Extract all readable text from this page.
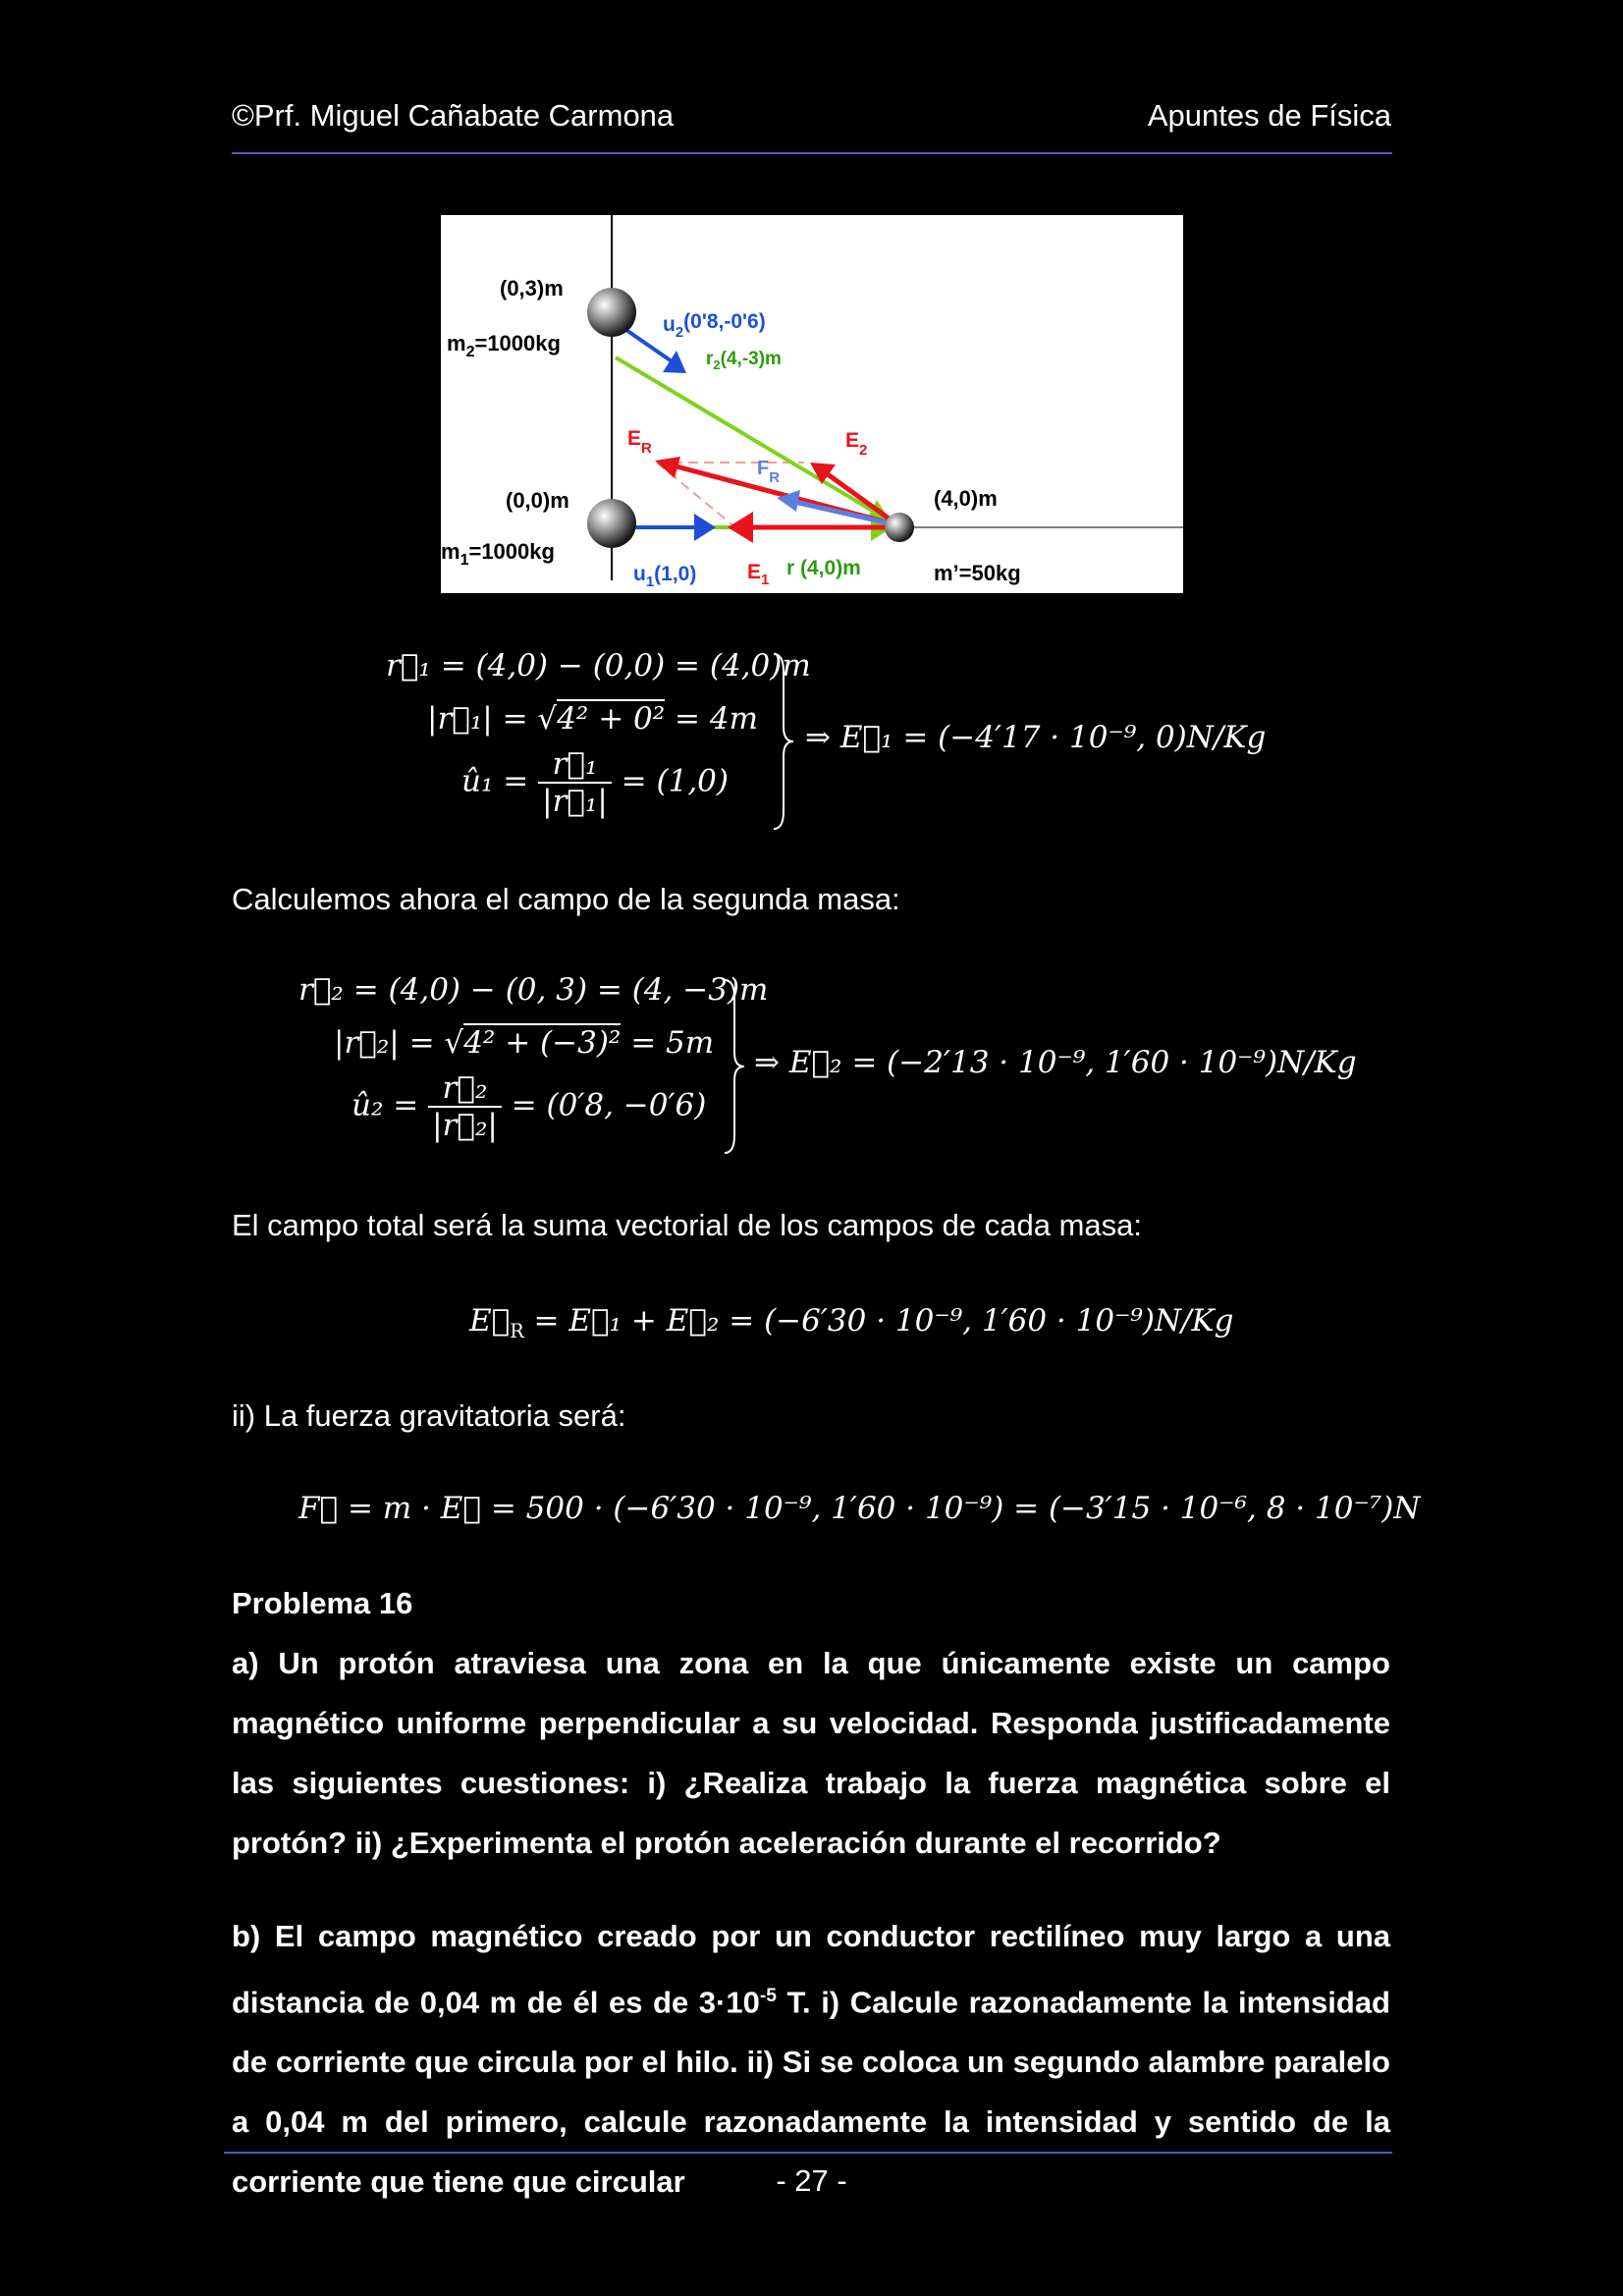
©Prf. Miguel Cañabate Carmona	Apuntes de Física
(0,3)m
$m_2=1000kg$
$u_2(0'8,-0'6)$
$r_2(4,-3)m$
$E_R$	$E_2$
$F_R$
(0,0)m	(4,0)m
$m_1=1000kg$
$u_1(1,0)$ $E_1$
r (4,0)m	m’=50kg
r⃗₁ = (4,0) − (0,0) = (4,0)m
|r⃗₁| = √4² + 0² = 4m
û₁ = $\frac{\text{r⃗₁}}{\text{|r⃗₁|}} = (1,0)$
⇒ E⃗₁ = (−4′17 · 10⁻⁹, 0)N/Kg
Calculemos ahora el campo de la segunda masa:
r⃗₂ = (4,0) − (0, 3) = (4, −3)m
|r⃗₂| = √4² + (−3)² = 5m
û₂ = $\frac{\text{r⃗₂}}{\text{|r⃗₂|}} = (0'8$, −0′6)
⇒ E⃗₂ = (−2′13 · 10⁻⁹, 1′60 · 10⁻⁹)N/Kg
El campo total será la suma vectorial de los campos de cada masa:
$E⃗_R$ = E⃗₁ + E⃗₂ = (−6′30 · 10⁻⁹, 1′60 · 10⁻⁹)N/Kg
ii) La fuerza gravitatoria será:
F⃗ = m · E⃗ = 500 · (−6′30 · 10⁻⁹, 1′60 · 10⁻⁹) = (−3′15 · 10⁻⁶, 8 · 10⁻⁷)N
Problema 16
a) Un protón atraviesa una zona en la que únicamente existe un campo magnético uniforme perpendicular a su velocidad. Responda justificadamente las siguientes cuestiones: i) ¿Realiza trabajo la fuerza magnética sobre el protón? ii) ¿Experimenta el protón aceleración durante el recorrido?
b) El campo magnético creado por un conductor rectilíneo muy largo a una distancia de 0,04 m de él es de $3\cdot 10^{-5}$ T. i) Calcule razonadamente la intensidad de corriente que circula por el hilo. ii) Si se coloca un segundo alambre paralelo a 0,04 m del primero, calcule razonadamente la intensidad y sentido de la corriente que tiene que circular	- 27 -
